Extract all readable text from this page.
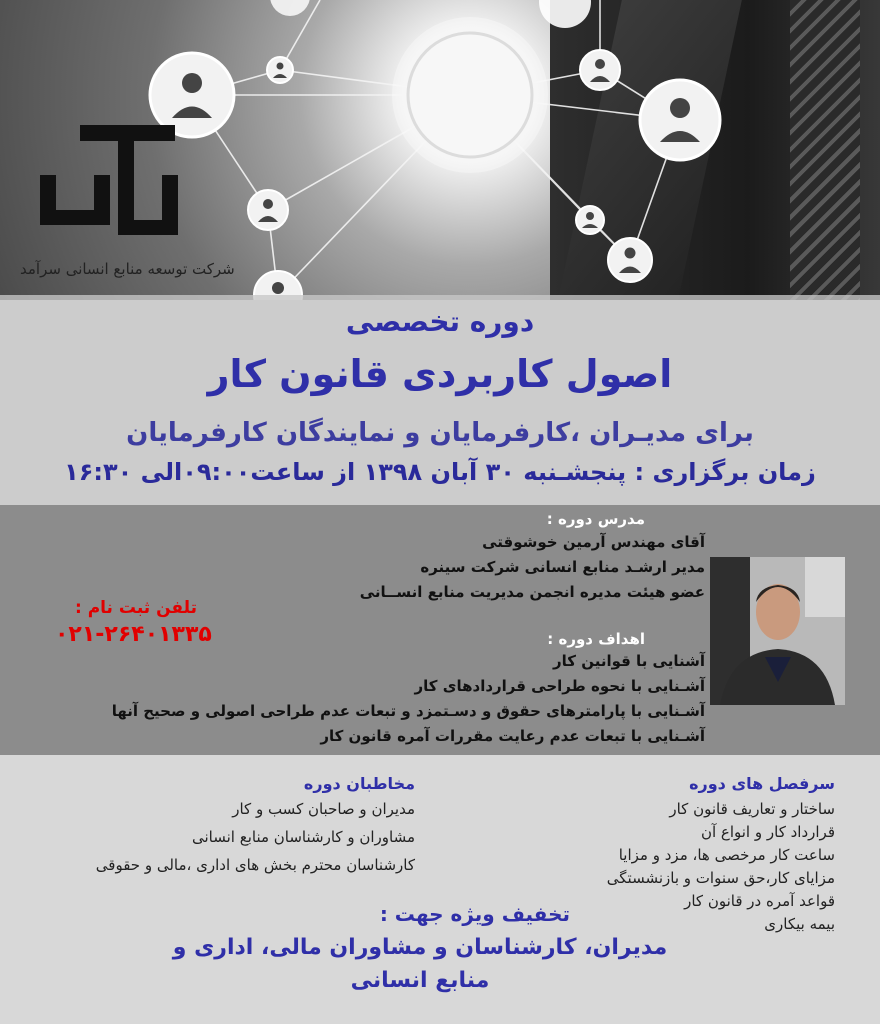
شرکت توسعه منابع انسانی سرآمد
دوره تخصصی
اصول کاربردی قانون کار
برای مدیـران ،کارفرمایان و نمایندگان کارفرمایان
زمان برگزاری : پنجشـنبه ۳۰ آبان ۱۳۹۸ از ساعت۰۹:۰۰الی ۱۶:۳۰
مدرس دوره :
آقای مهندس آرمین خوشوقتی
مدیر ارشـد منابع انسانی شرکت سینره
عضو هیئت مدیره انجمن مدیریت منابع انســانی
تلفن ثبت نام :
۰۲۱-۲۶۴۰۱۳۳۵	اهداف دوره :
آشنایی با قوانین کار
آشـنایی با نحوه طراحی قراردادهای کار
آشـنایی با پارامترهای حقوق و دسـتمزد و تبعات عدم طراحی اصولی و صحیح آنها
آشـنایی با تبعات عدم رعایت مقررات آمره قانون کار
سرفصل های دوره
ساختار و تعاریف قانون کار
قرارداد کار و انواع آن
ساعت کار مرخصی ها، مزد و مزایا
مزایای کار،حق سنوات و بازنشستگی
قواعد آمره در قانون کار
بیمه بیکاری
مخاطبان دوره
مدیران و صاحبان کسب و کار
مشاوران و کارشناسان منابع انسانی
کارشناسان محترم بخش های اداری ،مالی و حقوقی
تخفیف ویژه جهت :
مدیران، کارشناسان و مشاوران مالی، اداری و
منابع انسانی
